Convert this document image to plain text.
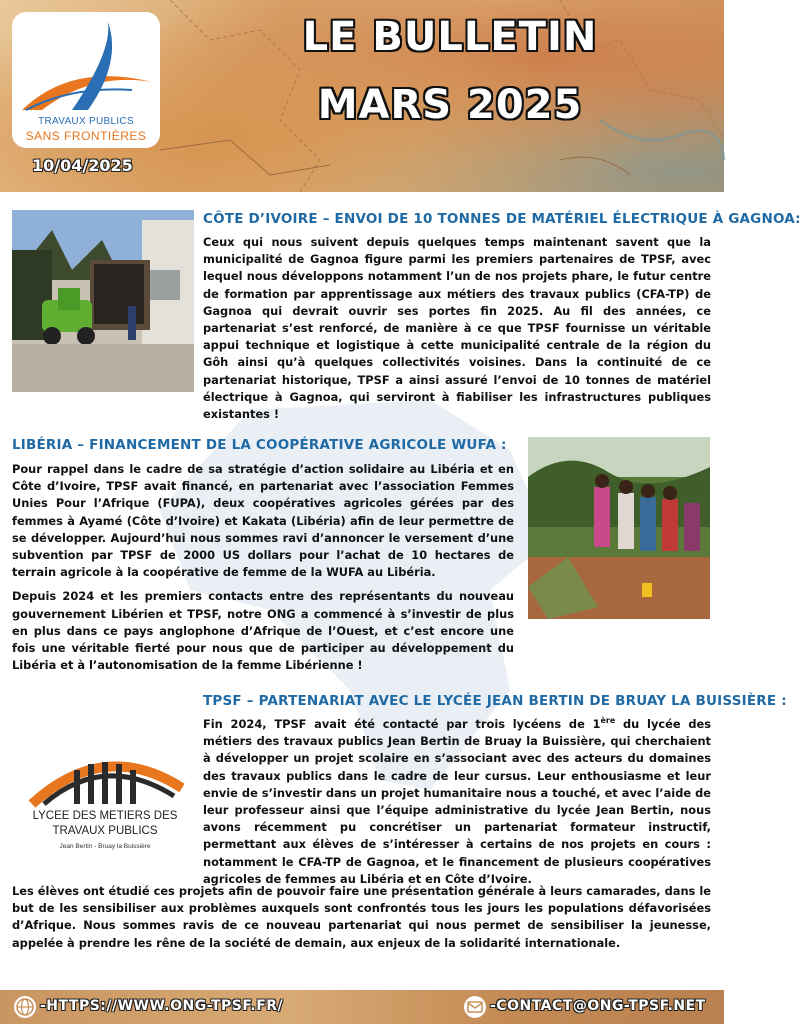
TRAVAUX PUBLICS
SANS FRONTIÈRES
10/04/2025
LE BULLETIN
MARS 2025
CÔTE D’IVOIRE – ENVOI DE 10 TONNES DE MATÉRIEL ÉLECTRIQUE À GAGNOA:

Ceux qui nous suivent depuis quelques temps maintenant savent que la municipalité de Gagnoa figure parmi les premiers partenaires de TPSF, avec lequel nous développons notamment l’un de nos projets phare, le futur centre de formation par apprentissage aux métiers des travaux publics (CFA-TP) de Gagnoa qui devrait ouvrir ses portes fin 2025. Au fil des années, ce partenariat s’est renforcé, de manière à ce que TPSF fournisse un véritable appui technique et logistique à cette municipalité centrale de la région du Gôh ainsi qu’à quelques collectivités voisines. Dans la continuité de ce partenariat historique, TPSF a ainsi assuré l’envoi de 10 tonnes de matériel électrique à Gagnoa, qui serviront à fiabiliser les infrastructures publiques existantes !

LIBÉRIA – FINANCEMENT DE LA COOPÉRATIVE AGRICOLE WUFA :

Pour rappel dans le cadre de sa stratégie d’action solidaire au Libéria et en Côte d’Ivoire, TPSF avait financé, en partenariat avec l’association Femmes Unies Pour l’Afrique (FUPA), deux coopératives agricoles gérées par des femmes à Ayamé (Côte d’Ivoire) et Kakata (Libéria) afin de leur permettre de se développer. Aujourd’hui nous sommes ravi d’annoncer le versement d’une subvention par TPSF de 2000 US dollars pour l’achat de 10 hectares de terrain agricole à la coopérative de femme de la WUFA au Libéria.

Depuis 2024 et les premiers contacts entre des représentants du nouveau gouvernement Libérien et TPSF, notre ONG a commencé à s’investir de plus en plus dans ce pays anglophone d’Afrique de l’Ouest, et c’est encore une fois une véritable fierté pour nous que de participer au développement du Libéria et à l’autonomisation de la femme Libérienne !

TPSF – PARTENARIAT AVEC LE LYCÉE JEAN BERTIN DE BRUAY LA BUISSIÈRE :
LYCEE DES METIERS DES
TRAVAUX PUBLICS
Jean Bertin - Bruay la Buissière

Fin 2024, TPSF avait été contacté par trois lycéens de 1ère du lycée des métiers des travaux publics Jean Bertin de Bruay la Buissière, qui cherchaient à développer un projet scolaire en s’associant avec des acteurs du domaines des travaux publics dans le cadre de leur cursus. Leur enthousiasme et leur envie de s’investir dans un projet humanitaire nous a touché, et avec l’aide de leur professeur ainsi que l’équipe administrative du lycée Jean Bertin, nous avons récemment pu concrétiser un partenariat formateur instructif, permettant aux élèves de s’intéresser à certains de nos projets en cours : notamment le CFA-TP de Gagnoa, et le financement de plusieurs coopératives agricoles de femmes au Libéria et en Côte d’Ivoire.

Les élèves ont étudié ces projets afin de pouvoir faire une présentation générale à leurs camarades, dans le but de les sensibiliser aux problèmes auxquels sont confrontés tous les jours les populations défavorisées d’Afrique. Nous sommes ravis de ce nouveau partenariat qui nous permet de sensibiliser la jeunesse, appelée à prendre les rêne de la société de demain, aux enjeux de la solidarité internationale.

-HTTPS://WWW.ONG-TPSF.FR/	-CONTACT@ONG-TPSF.NET
